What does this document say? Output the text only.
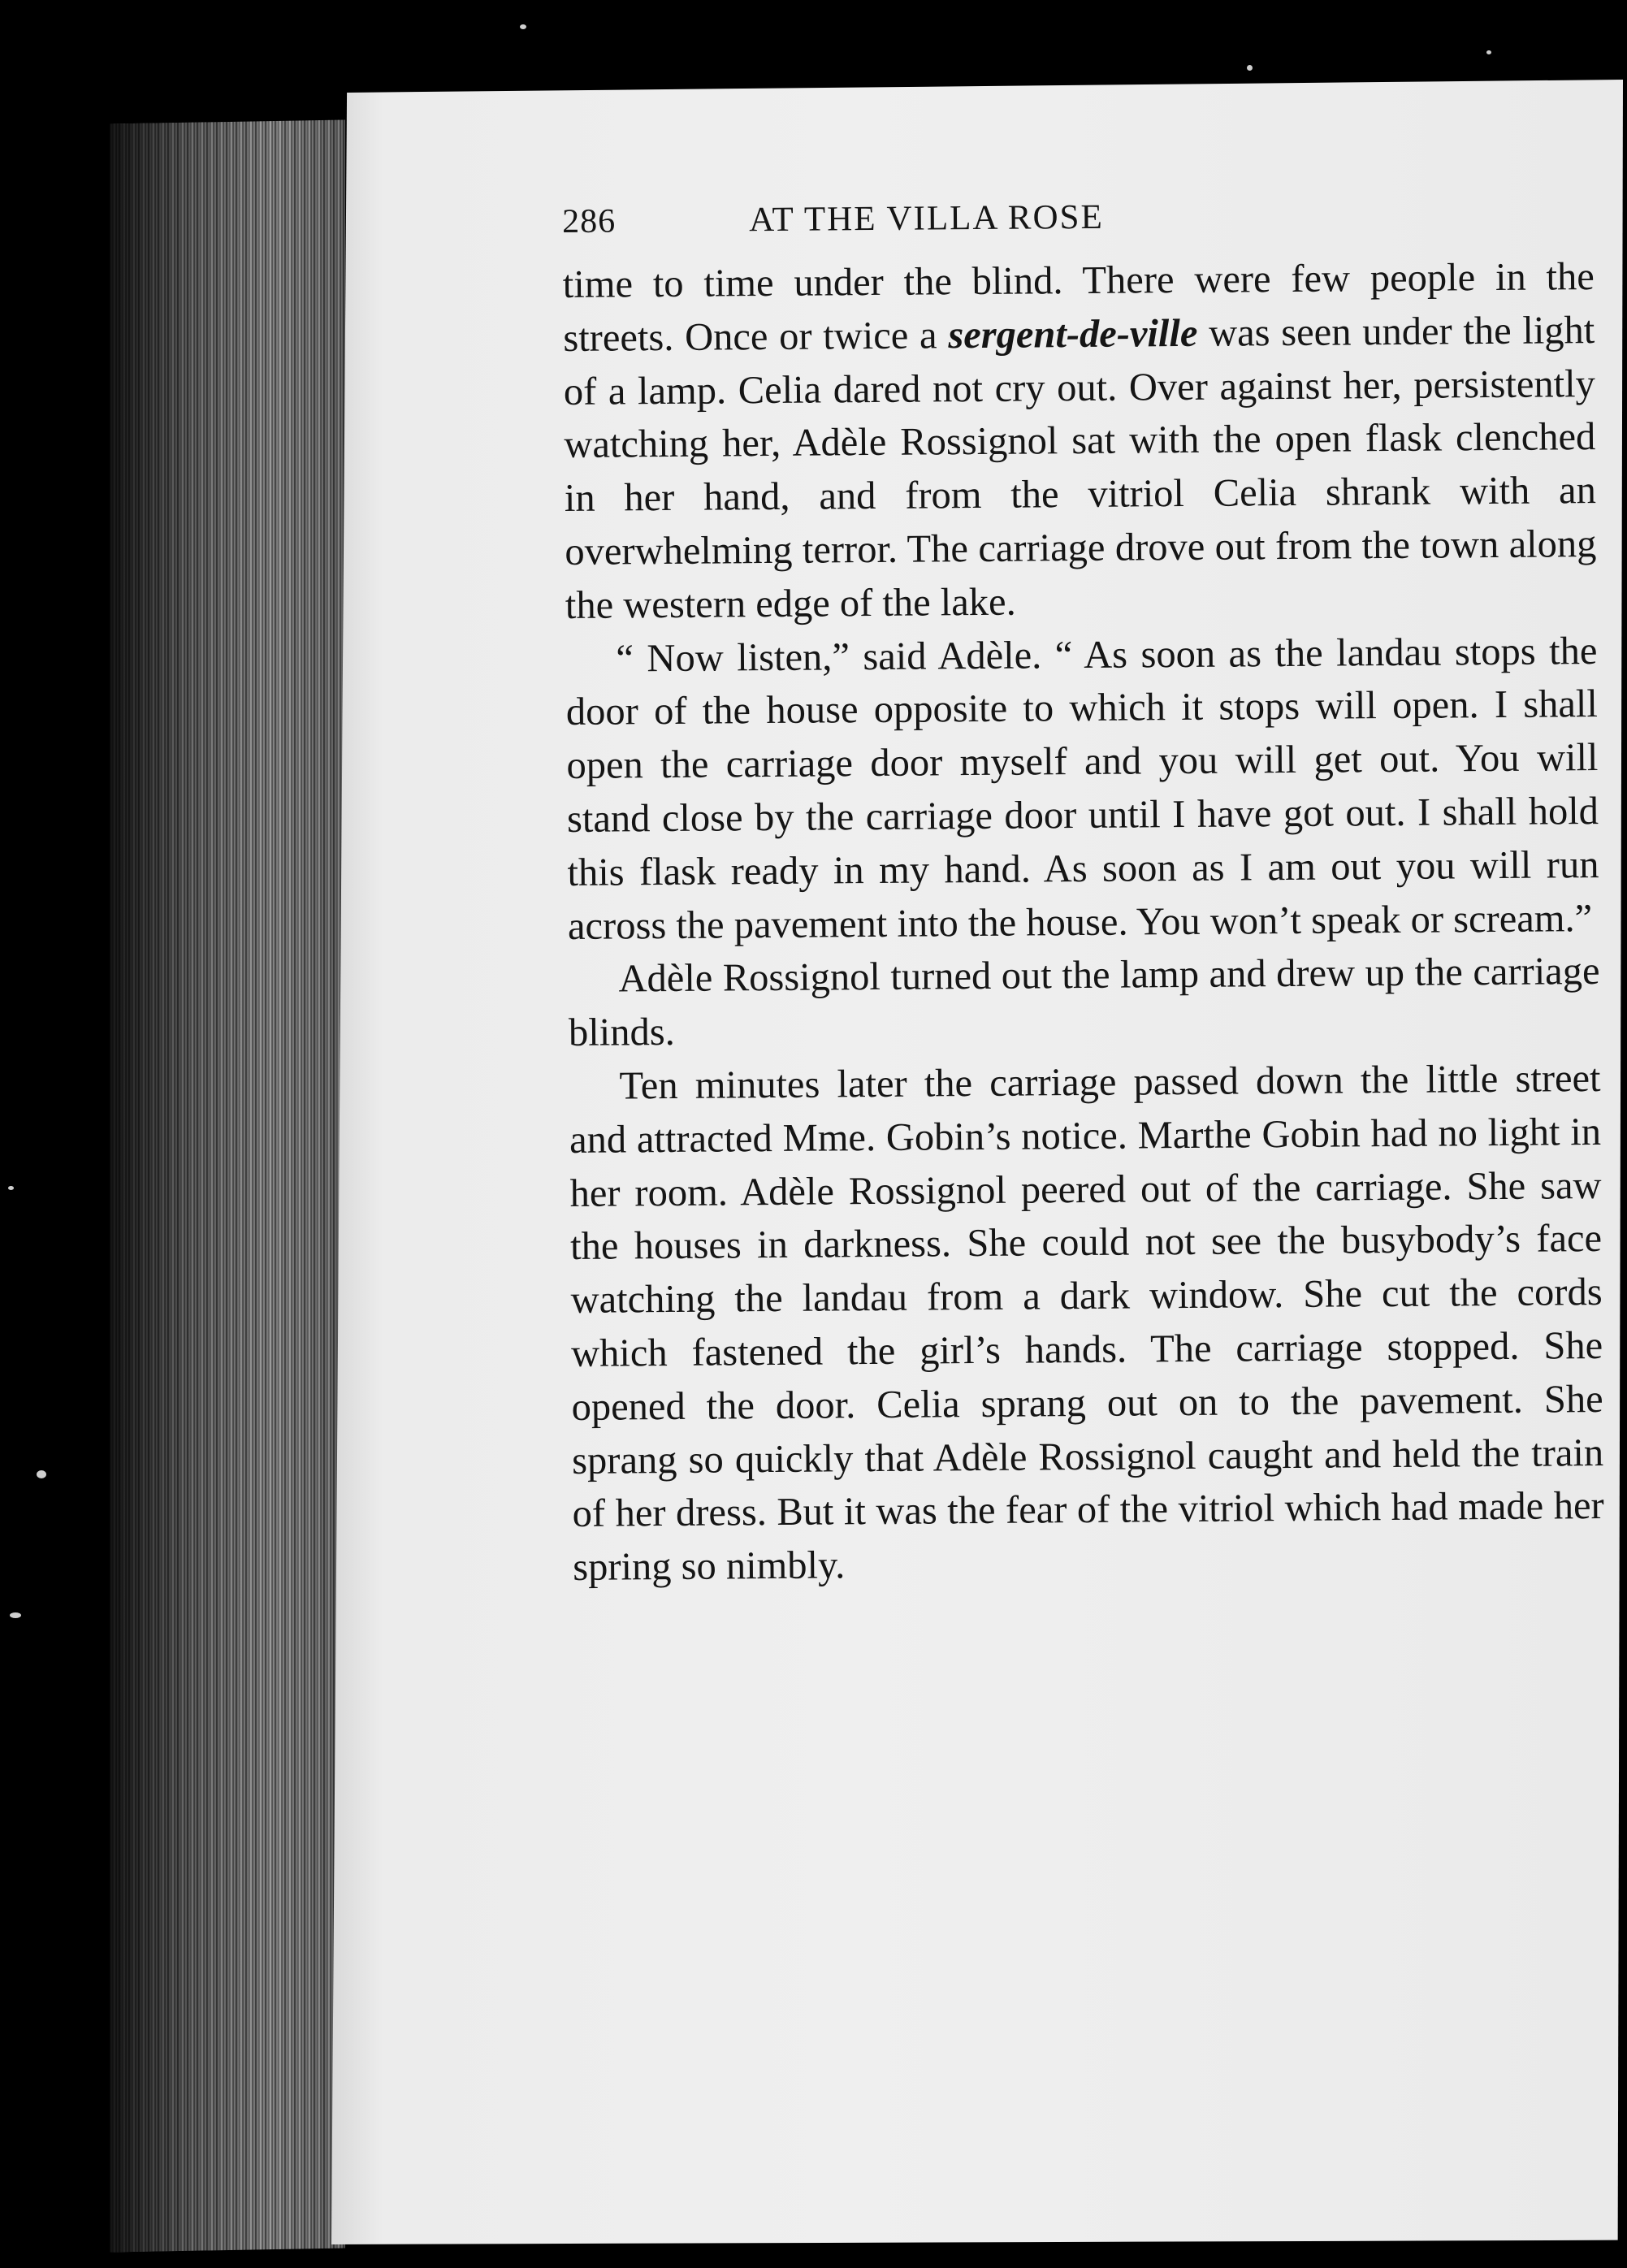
286	AT THE VILLA ROSE

time to time under the blind. There were few people in the streets. Once or twice a sergent-de-ville was seen under the light of a lamp. Celia dared not cry out. Over against her, persistently watching her, Adèle Rossignol sat with the open flask clenched in her hand, and from the vitriol Celia shrank with an overwhelming terror. The carriage drove out from the town along the western edge of the lake.

“ Now listen,” said Adèle. “ As soon as the landau stops the door of the house opposite to which it stops will open. I shall open the carriage door myself and you will get out. You will stand close by the carriage door until I have got out. I shall hold this flask ready in my hand. As soon as I am out you will run across the pavement into the house. You won’t speak or scream.”

Adèle Rossignol turned out the lamp and drew up the carriage blinds.

Ten minutes later the carriage passed down the little street and attracted Mme. Gobin’s notice. Marthe Gobin had no light in her room. Adèle Rossignol peered out of the carriage. She saw the houses in darkness. She could not see the busybody’s face watching the landau from a dark window. She cut the cords which fastened the girl’s hands. The carriage stopped. She opened the door. Celia sprang out on to the pavement. She sprang so quickly that Adèle Rossignol caught and held the train of her dress. But it was the fear of the vitriol which had made her spring so nimbly.
